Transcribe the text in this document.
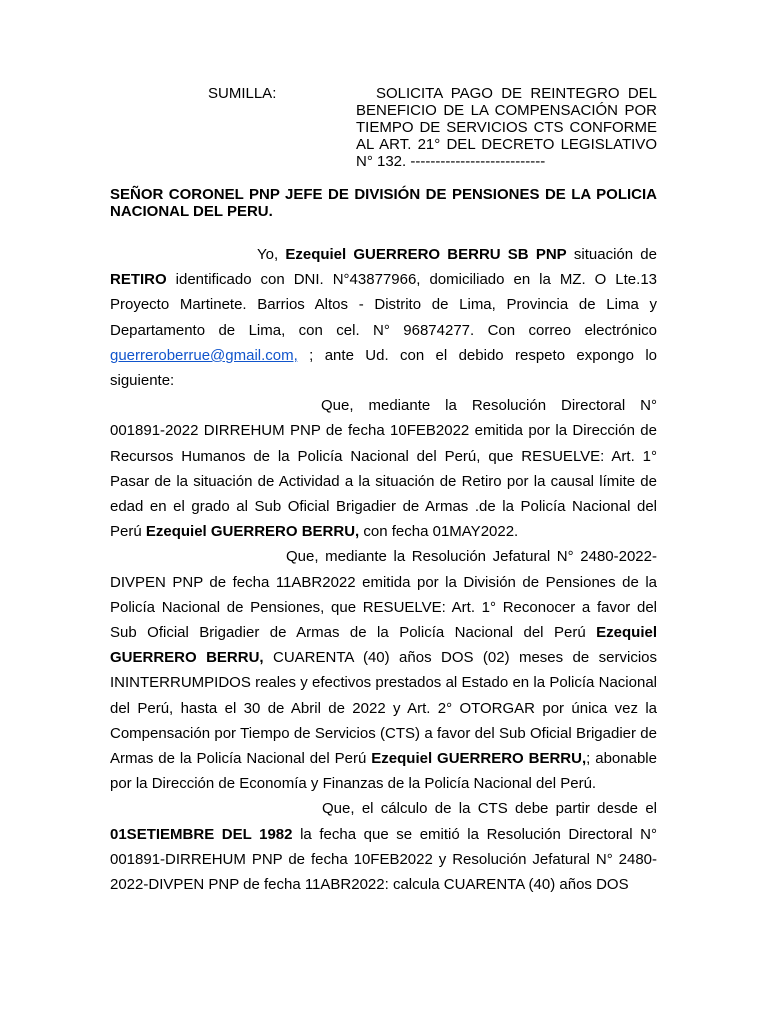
SUMILLA:	SOLICITA PAGO DE REINTEGRO DEL BENEFICIO DE LA COMPENSACIÓN POR TIEMPO DE SERVICIOS CTS CONFORME AL ART. 21° DEL DECRETO LEGISLATIVO N° 132. ---------------------------
SEÑOR CORONEL PNP JEFE DE DIVISIÓN DE PENSIONES DE LA POLICIA NACIONAL DEL PERU.

Yo, Ezequiel GUERRERO BERRU SB PNP situación de RETIRO identificado con DNI. N°43877966, domiciliado en la MZ. O Lte.13 Proyecto Martinete. Barrios Altos - Distrito de Lima, Provincia de Lima y Departamento de Lima, con cel. N° 96874277. Con correo electrónico guerreroberrue@gmail.com, ; ante Ud. con el debido respeto expongo lo siguiente:

Que, mediante la Resolución Directoral N° 001891-2022 DIRREHUM PNP de fecha 10FEB2022 emitida por la Dirección de Recursos Humanos de la Policía Nacional del Perú, que RESUELVE: Art. 1° Pasar de la situación de Actividad a la situación de Retiro por la causal límite de edad en el grado al Sub Oficial Brigadier de Armas .de la Policía Nacional del Perú Ezequiel GUERRERO BERRU, con fecha 01MAY2022.

Que, mediante la Resolución Jefatural N° 2480-2022-DIVPEN PNP de fecha 11ABR2022 emitida por la División de Pensiones de la Policía Nacional de Pensiones, que RESUELVE: Art. 1° Reconocer a favor del Sub Oficial Brigadier de Armas de la Policía Nacional del Perú Ezequiel GUERRERO BERRU, CUARENTA (40) años DOS (02) meses de servicios ININTERRUMPIDOS reales y efectivos prestados al Estado en la Policía Nacional del Perú, hasta el 30 de Abril de 2022 y Art. 2° OTORGAR por única vez la Compensación por Tiempo de Servicios (CTS) a favor del Sub Oficial Brigadier de Armas de la Policía Nacional del Perú Ezequiel GUERRERO BERRU,; abonable por la Dirección de Economía y Finanzas de la Policía Nacional del Perú.

Que, el cálculo de la CTS debe partir desde el 01SETIEMBRE DEL 1982 la fecha que se emitió la Resolución Directoral N° 001891-DIRREHUM PNP de fecha 10FEB2022 y Resolución Jefatural N° 2480-2022-DIVPEN PNP de fecha 11ABR2022: calcula CUARENTA (40) años DOS
